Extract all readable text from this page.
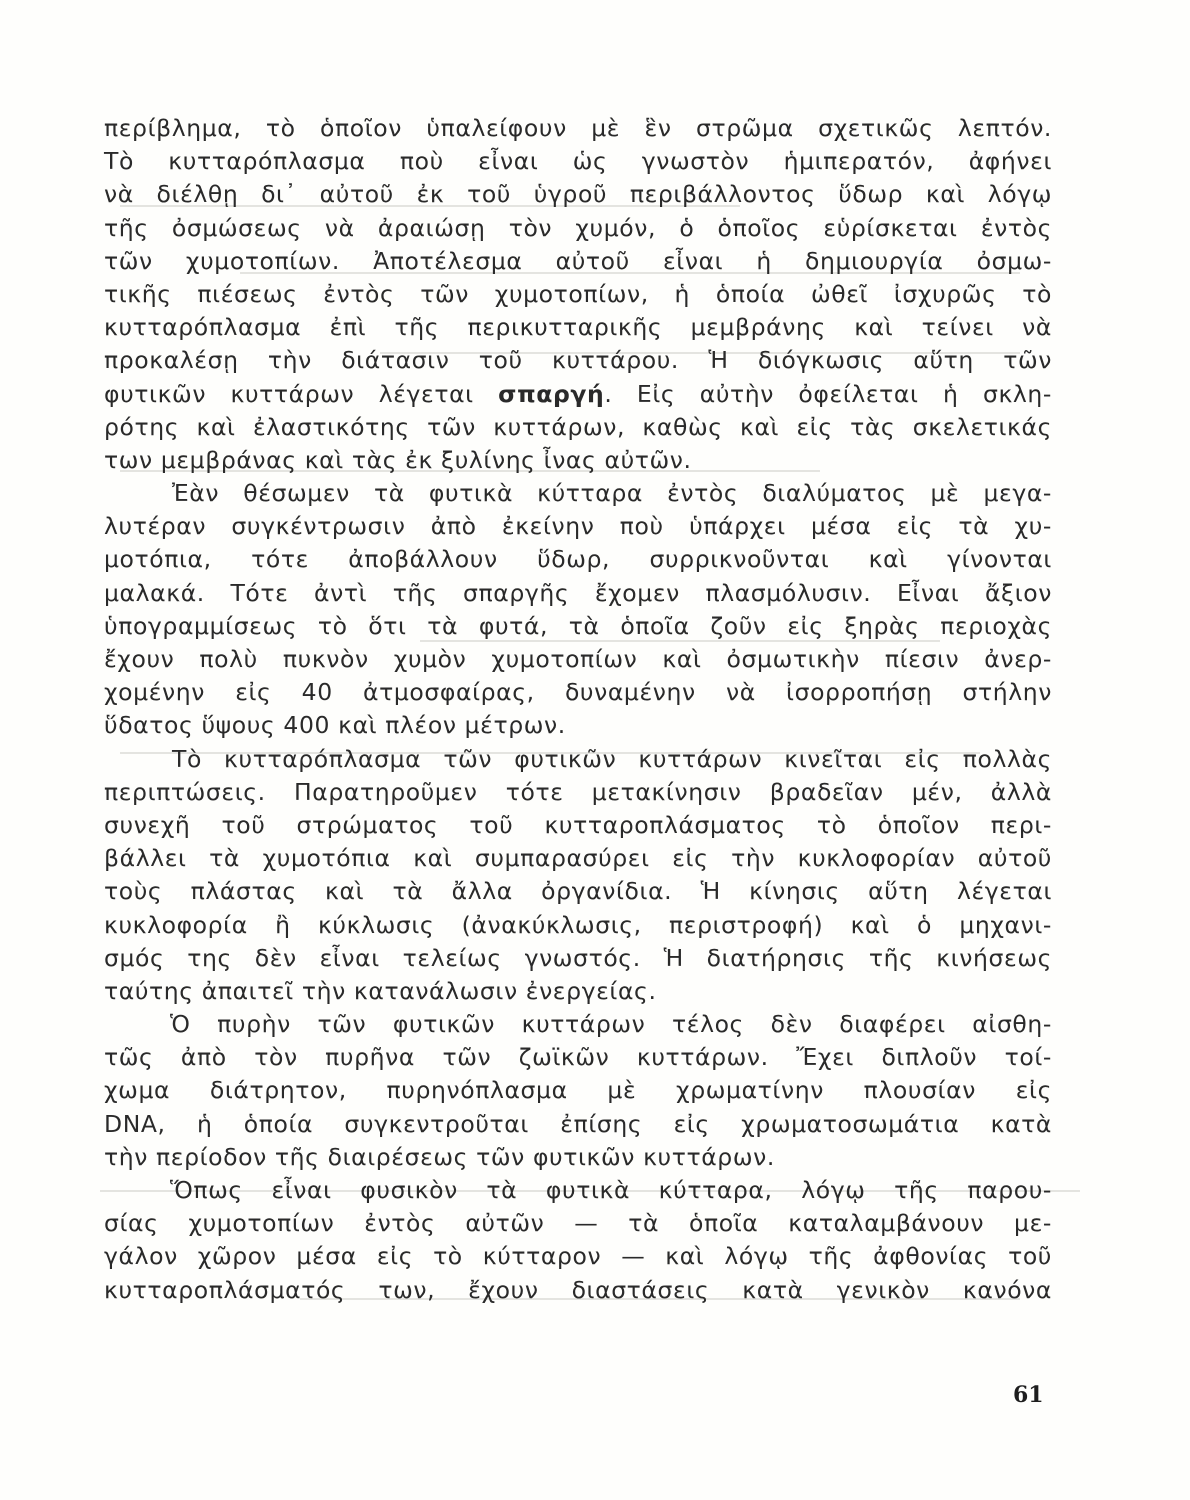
περίβλημα, τὸ ὁποῖον ὑπαλείφουν μὲ ἓν στρῶμα σχετικῶς λεπτόν.
Τὸ κυτταρόπλασμα ποὺ εἶναι ὡς γνωστὸν ἡμιπερατόν, ἀφήνει
νὰ διέλθῃ δι᾽ αὐτοῦ ἐκ τοῦ ὑγροῦ περιβάλλοντος ὕδωρ καὶ λόγῳ
τῆς ὀσμώσεως νὰ ἀραιώσῃ τὸν χυμόν, ὁ ὁποῖος εὑρίσκεται ἐντὸς
τῶν χυμοτοπίων. Ἀποτέλεσμα αὐτοῦ εἶναι ἡ δημιουργία ὀσμω-
τικῆς πιέσεως ἐντὸς τῶν χυμοτοπίων, ἡ ὁποία ὠθεῖ ἰσχυρῶς τὸ
κυτταρόπλασμα ἐπὶ τῆς περικυτταρικῆς μεμβράνης καὶ τείνει νὰ
προκαλέσῃ τὴν διάτασιν τοῦ κυττάρου. Ἡ διόγκωσις αὕτη τῶν
φυτικῶν κυττάρων λέγεται σπαργή. Εἰς αὐτὴν ὀφείλεται ἡ σκλη-
ρότης καὶ ἐλαστικότης τῶν κυττάρων, καθὼς καὶ εἰς τὰς σκελετικάς
των μεμβράνας καὶ τὰς ἐκ ξυλίνης ἶνας αὐτῶν.
Ἐὰν θέσωμεν τὰ φυτικὰ κύτταρα ἐντὸς διαλύματος μὲ μεγα-
λυτέραν συγκέντρωσιν ἀπὸ ἐκείνην ποὺ ὑπάρχει μέσα εἰς τὰ χυ-
μοτόπια, τότε ἀποβάλλουν ὕδωρ, συρρικνοῦνται καὶ γίνονται
μαλακά. Τότε ἀντὶ τῆς σπαργῆς ἔχομεν πλασμόλυσιν. Εἶναι ἄξιον
ὑπογραμμίσεως τὸ ὅτι τὰ φυτά, τὰ ὁποῖα ζοῦν εἰς ξηρὰς περιοχὰς
ἔχουν πολὺ πυκνὸν χυμὸν χυμοτοπίων καὶ ὀσμωτικὴν πίεσιν ἀνερ-
χομένην εἰς 40 ἀτμοσφαίρας, δυναμένην νὰ ἰσορροπήσῃ στήλην
ὕδατος ὕψους 400 καὶ πλέον μέτρων.
Τὸ κυτταρόπλασμα τῶν φυτικῶν κυττάρων κινεῖται εἰς πολλὰς
περιπτώσεις. Παρατηροῦμεν τότε μετακίνησιν βραδεῖαν μέν, ἀλλὰ
συνεχῆ τοῦ στρώματος τοῦ κυτταροπλάσματος τὸ ὁποῖον περι-
βάλλει τὰ χυμοτόπια καὶ συμπαρασύρει εἰς τὴν κυκλοφορίαν αὐτοῦ
τοὺς πλάστας καὶ τὰ ἄλλα ὀργανίδια. Ἡ κίνησις αὕτη λέγεται
κυκλοφορία ἢ κύκλωσις (ἀνακύκλωσις, περιστροφή) καὶ ὁ μηχανι-
σμός της δὲν εἶναι τελείως γνωστός. Ἡ διατήρησις τῆς κινήσεως
ταύτης ἀπαιτεῖ τὴν κατανάλωσιν ἐνεργείας.
Ὁ πυρὴν τῶν φυτικῶν κυττάρων τέλος δὲν διαφέρει αἰσθη-
τῶς ἀπὸ τὸν πυρῆνα τῶν ζωϊκῶν κυττάρων. Ἔχει διπλοῦν τοί-
χωμα διάτρητον, πυρηνόπλασμα μὲ χρωματίνην πλουσίαν εἰς
DNA, ἡ ὁποία συγκεντροῦται ἐπίσης εἰς χρωματοσωμάτια κατὰ
τὴν περίοδον τῆς διαιρέσεως τῶν φυτικῶν κυττάρων.
Ὅπως εἶναι φυσικὸν τὰ φυτικὰ κύτταρα, λόγῳ τῆς παρου-
σίας χυμοτοπίων ἐντὸς αὐτῶν — τὰ ὁποῖα καταλαμβάνουν με-
γάλον χῶρον μέσα εἰς τὸ κύτταρον — καὶ λόγῳ τῆς ἀφθονίας τοῦ
κυτταροπλάσματός των, ἔχουν διαστάσεις κατὰ γενικὸν κανόνα
61
